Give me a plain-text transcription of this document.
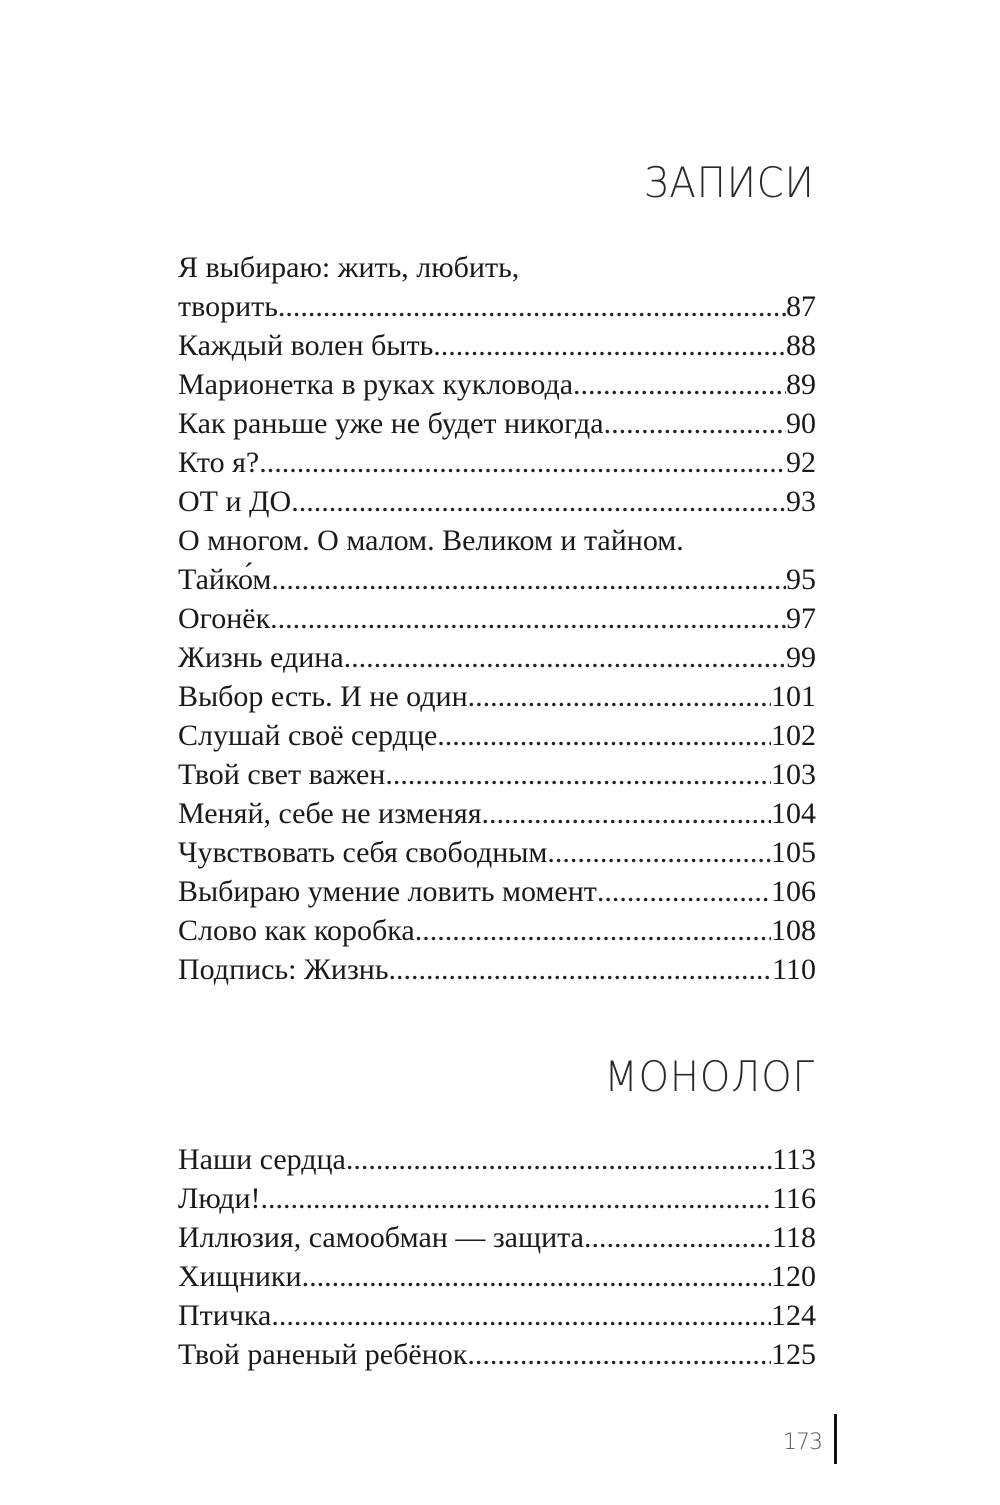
ЗАПИСИ
Я выбираю: жить, любить,
творить .....	87
Каждый волен быть .....	88
Марионетка в руках кукловода .....	89
Как раньше уже не будет никогда .....	90
Кто я? .....	92
ОТ и ДО .....	93
О многом. О малом. Великом и тайном.
Тайко́м .....	95
Огонёк .....	97
Жизнь едина .....	99
Выбор есть. И не один .....	101
Слушай своё сердце .....	102
Твой свет важен .....	103
Меняй, себе не изменяя .....	104
Чувствовать себя свободным .....	105
Выбираю умение ловить момент .....	106
Слово как коробка .....	108
Подпись: Жизнь .....	110
МОНОЛОГ
Наши сердца .....	113
Люди! .....	116
Иллюзия, самообман — защита .....	118
Хищники .....	120
Птичка .....	124
Твой раненый ребёнок .....	125
173
